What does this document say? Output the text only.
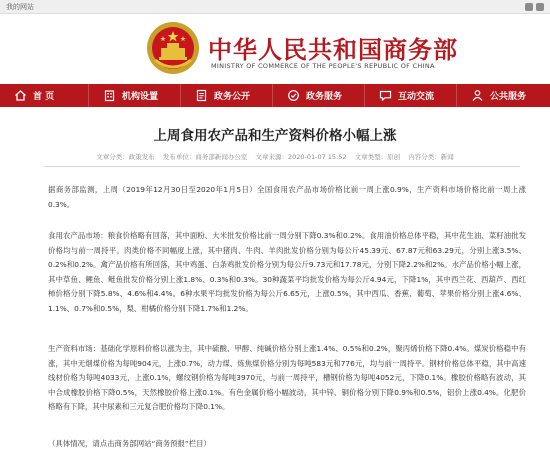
我的网站
中华人民共和国商务部
MINISTRY OF COMMERCE OF THE PEOPLE'S REPUBLIC OF CHINA
首 页	机构设置	政务公开	政务服务	互动交流	公共服务
上周食用农产品和生产资料价格小幅上涨
文章分类：政策发布 发布单位：商务部新闻办公室 文章来源：2020-01-07 15:52 文章类型：原创 内容分类：新闻
据商务部监测，上周（2019年12月30日至2020年1月5日）全国食用农产品市场价格比前一周上涨0.9%，生产资料市场价格比前一周上涨0.3%。
食用农产品市场：粮食价格略有回落，其中面粉、大米批发价格比前一周分别下降0.3%和0.2%。食用油价格总体平稳，其中花生油、菜籽油批发价格均与前一周持平。肉类价格不同幅度上涨，其中猪肉、牛肉、羊肉批发价格分别为每公斤45.39元、67.87元和63.29元，分别上涨3.5%、0.2%和0.2%。禽产品价格有所回落，其中鸡蛋、白条鸡批发价格分别为每公斤9.73元和17.78元，分别下降2.2%和2%。水产品价格小幅上涨，其中草鱼、鲤鱼、鲢鱼批发价格分别上涨1.8%、0.3%和0.3%。30种蔬菜平均批发价格为每公斤4.94元，下降1%，其中西兰花、西葫芦、西红柿价格分别下降5.8%、4.6%和4.4%。6种水果平均批发价格为每公斤6.65元，上涨0.5%，其中西瓜、香蕉、葡萄、苹果价格分别上涨4.6%、1.1%、0.7%和0.5%，梨、柑橘价格分别下降1.7%和1.2%。
生产资料市场：基础化学原料价格以涨为主，其中硫酸、甲醇、纯碱价格分别上涨1.4%、0.5%和0.2%，聚丙烯价格下降0.4%。煤炭价格稳中有涨，其中无烟煤价格为每吨904元，上涨0.7%，动力煤、炼焦煤价格分别为每吨583元和776元，均与前一周持平。钢材价格总体平稳，其中高速线材价格为每吨4033元，上涨0.1%，螺纹钢价格为每吨3970元，与前一周持平，槽钢价格为每吨4052元，下降0.1%。橡胶价格略有波动，其中合成橡胶价格下降0.5%，天然橡胶价格上涨0.1%。有色金属价格小幅波动，其中锌、铜价格分别下降0.9%和0.5%，铝价上涨0.4%。化肥价格略有下降，其中尿素和三元复合肥价格均下降0.1%。
（具体情况，请点击商务部网站“商务预报”栏目）
